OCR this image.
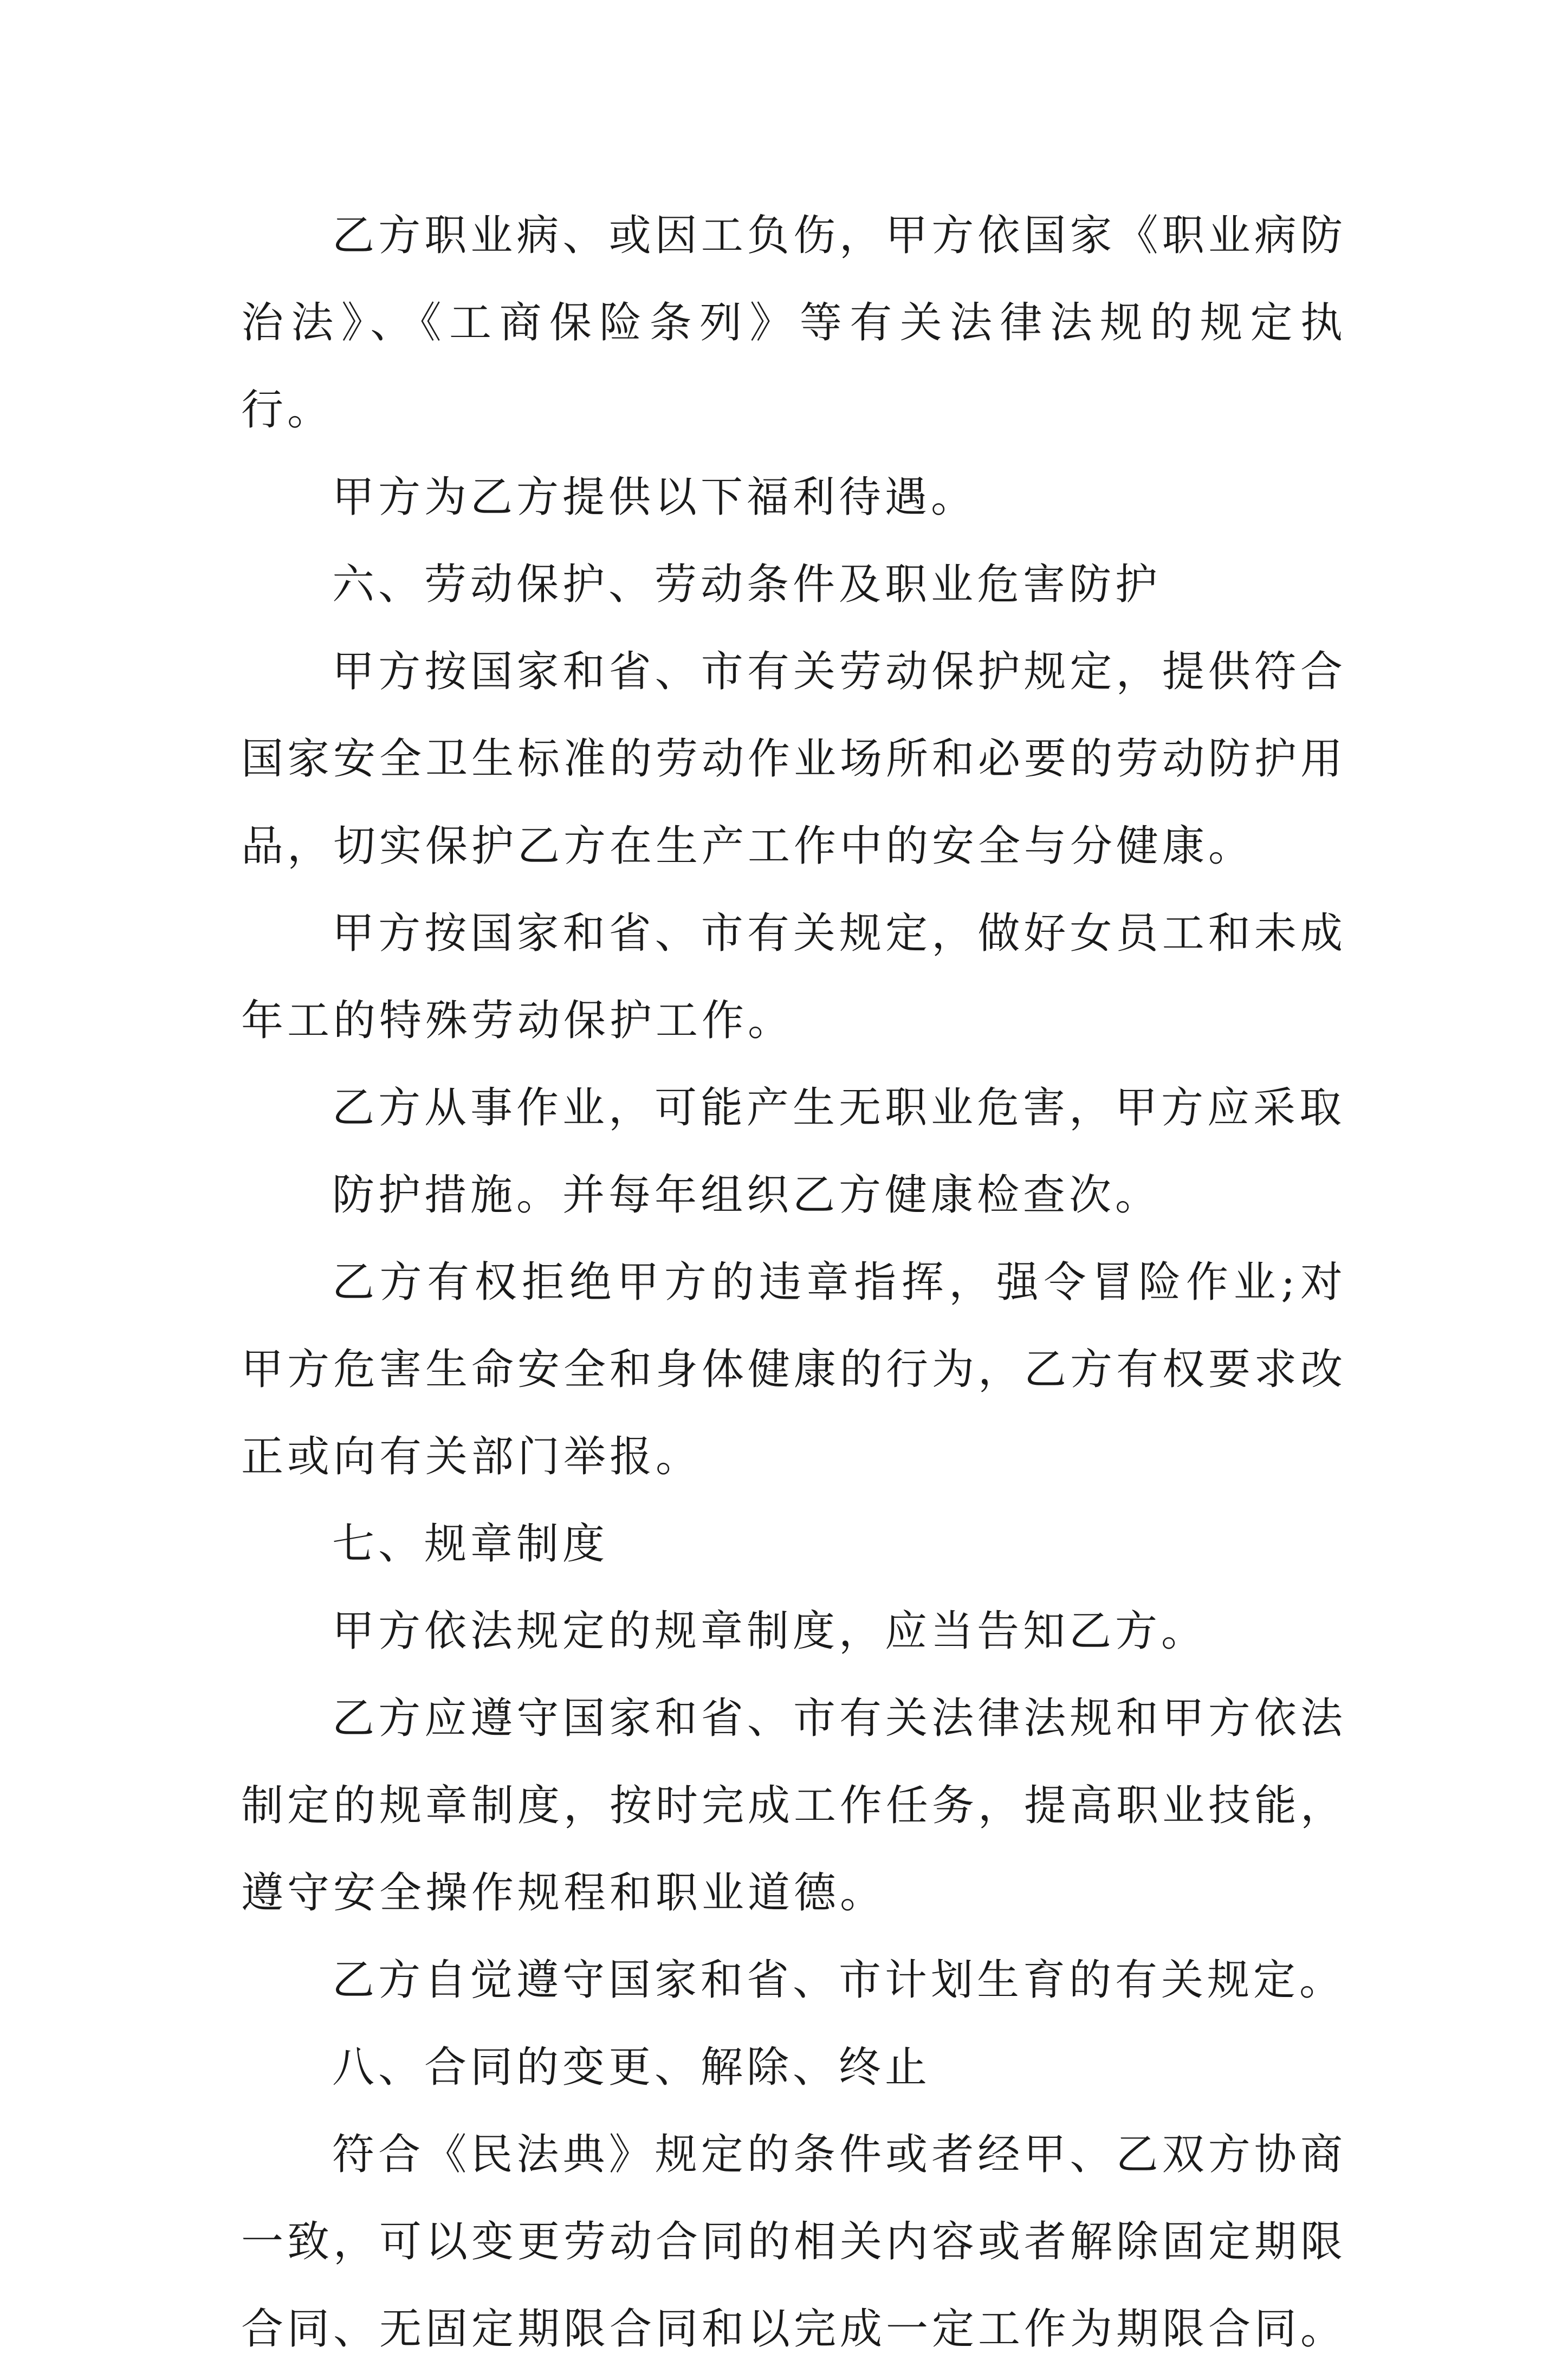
乙方职业病、或因工负伤，甲方依国家《职业病防治法》、《工商保险条列》等有关法律法规的规定执行。

甲方为乙方提供以下福利待遇。

六、劳动保护、劳动条件及职业危害防护

甲方按国家和省、市有关劳动保护规定，提供符合国家安全卫生标准的劳动作业场所和必要的劳动防护用品，切实保护乙方在生产工作中的安全与分健康。

甲方按国家和省、市有关规定，做好女员工和未成年工的特殊劳动保护工作。

乙方从事作业，可能产生无职业危害，甲方应采取

防护措施。并每年组织乙方健康检查次。

乙方有权拒绝甲方的违章指挥，强令冒险作业;对甲方危害生命安全和身体健康的行为，乙方有权要求改正或向有关部门举报。

七、规章制度

甲方依法规定的规章制度，应当告知乙方。

乙方应遵守国家和省、市有关法律法规和甲方依法制定的规章制度，按时完成工作任务，提高职业技能，遵守安全操作规程和职业道德。

乙方自觉遵守国家和省、市计划生育的有关规定。

八、合同的变更、解除、终止

符合《民法典》规定的条件或者经甲、乙双方协商一致，可以变更劳动合同的相关内容或者解除固定期限合同、无固定期限合同和以完成一定工作为期限合同。
